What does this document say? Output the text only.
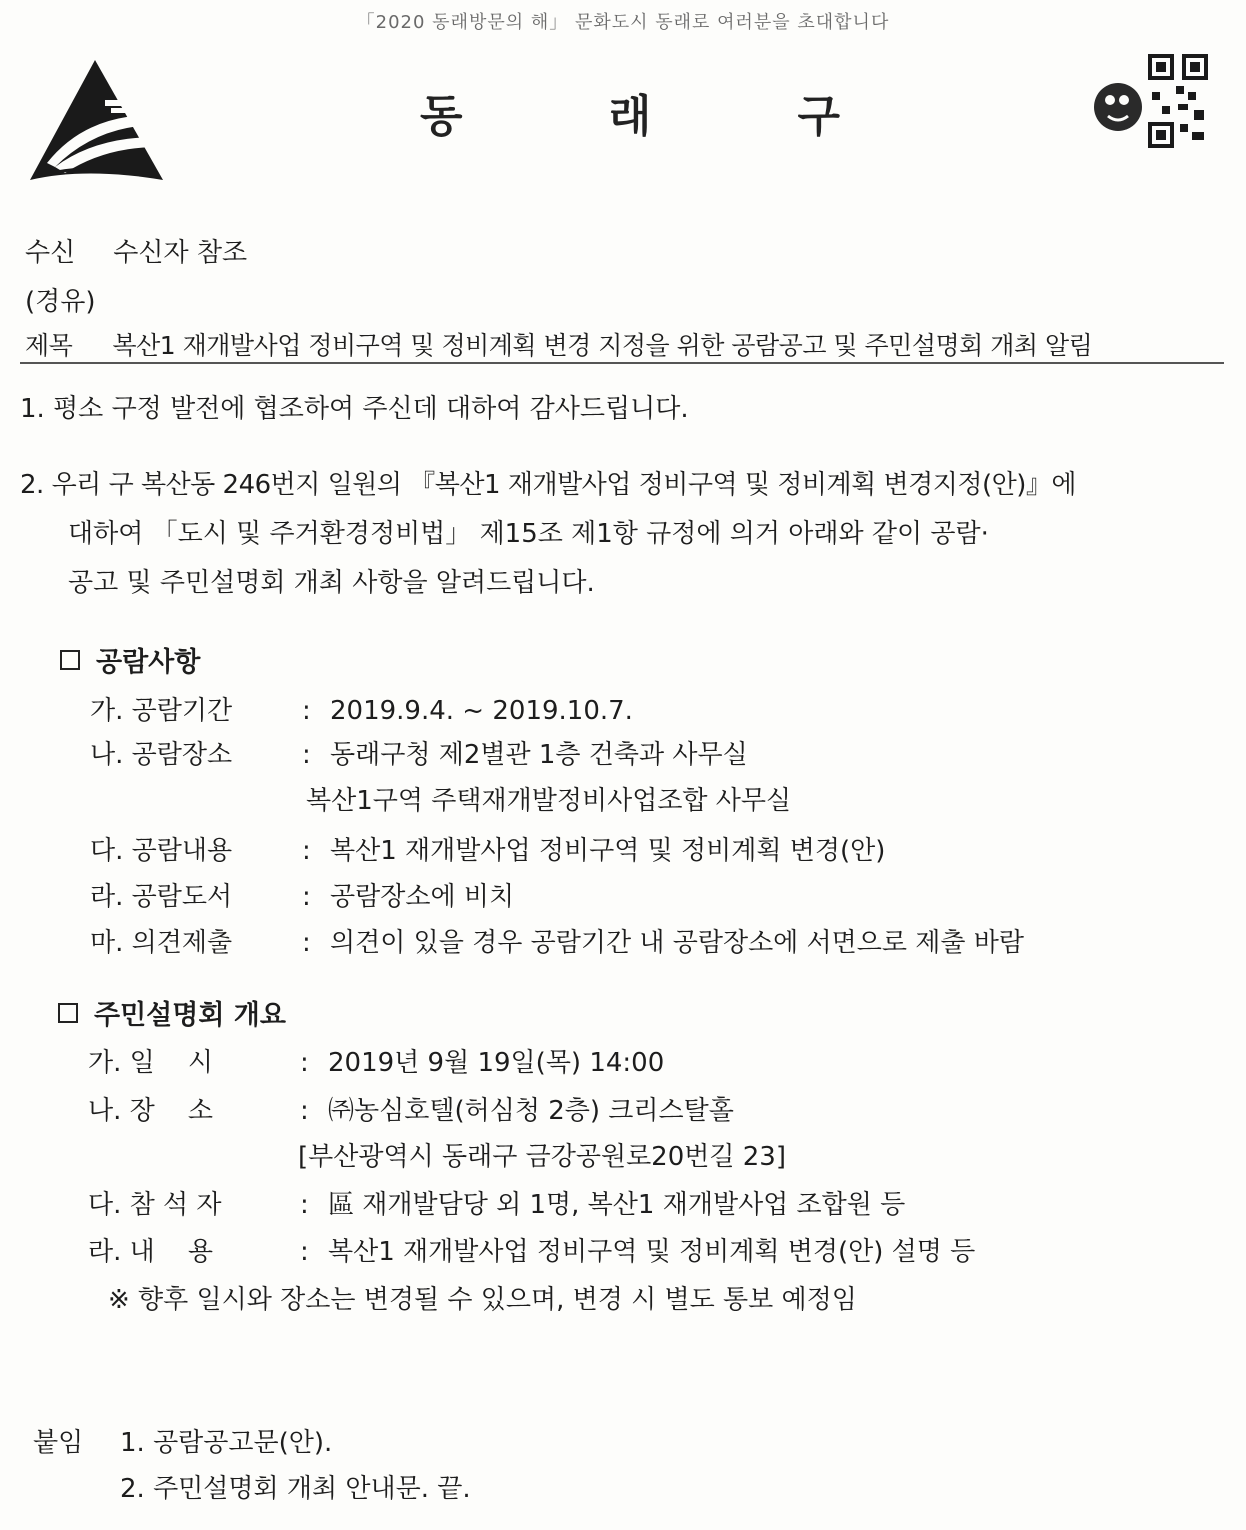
「2020 동래방문의 해」 문화도시 동래로 여러분을 초대합니다
동	래	구
수신 수신자 참조
(경유)
제목 복산1 재개발사업 정비구역 및 정비계획 변경 지정을 위한 공람공고 및 주민설명회 개최 알림
1. 평소 구정 발전에 협조하여 주신데 대하여 감사드립니다.
2. 우리 구 복산동 246번지 일원의 『복산1 재개발사업 정비구역 및 정비계획 변경지정(안)』에
대하여 「도시 및 주거환경정비법」 제15조 제1항 규정에 의거 아래와 같이 공람·
공고 및 주민설명회 개최 사항을 알려드립니다.
공람사항
가. 공람기간	: 2019.9.4. ~ 2019.10.7.
나. 공람장소	: 동래구청 제2별관 1층 건축과 사무실
복산1구역 주택재개발정비사업조합 사무실
다. 공람내용	: 복산1 재개발사업 정비구역 및 정비계획 변경(안)
라. 공람도서	: 공람장소에 비치
마. 의견제출	: 의견이 있을 경우 공람기간 내 공람장소에 서면으로 제출 바람
주민설명회 개요
가. 일    시	: 2019년 9월 19일(목) 14:00
나. 장    소	: ㈜농심호텔(허심청 2층) 크리스탈홀
[부산광역시 동래구 금강공원로20번길 23]
다. 참 석 자	: 區 재개발담당 외 1명, 복산1 재개발사업 조합원 등
라. 내    용	: 복산1 재개발사업 정비구역 및 정비계획 변경(안) 설명 등
※ 향후 일시와 장소는 변경될 수 있으며, 변경 시 별도 통보 예정임
붙임 1. 공람공고문(안).
2. 주민설명회 개최 안내문. 끝.
